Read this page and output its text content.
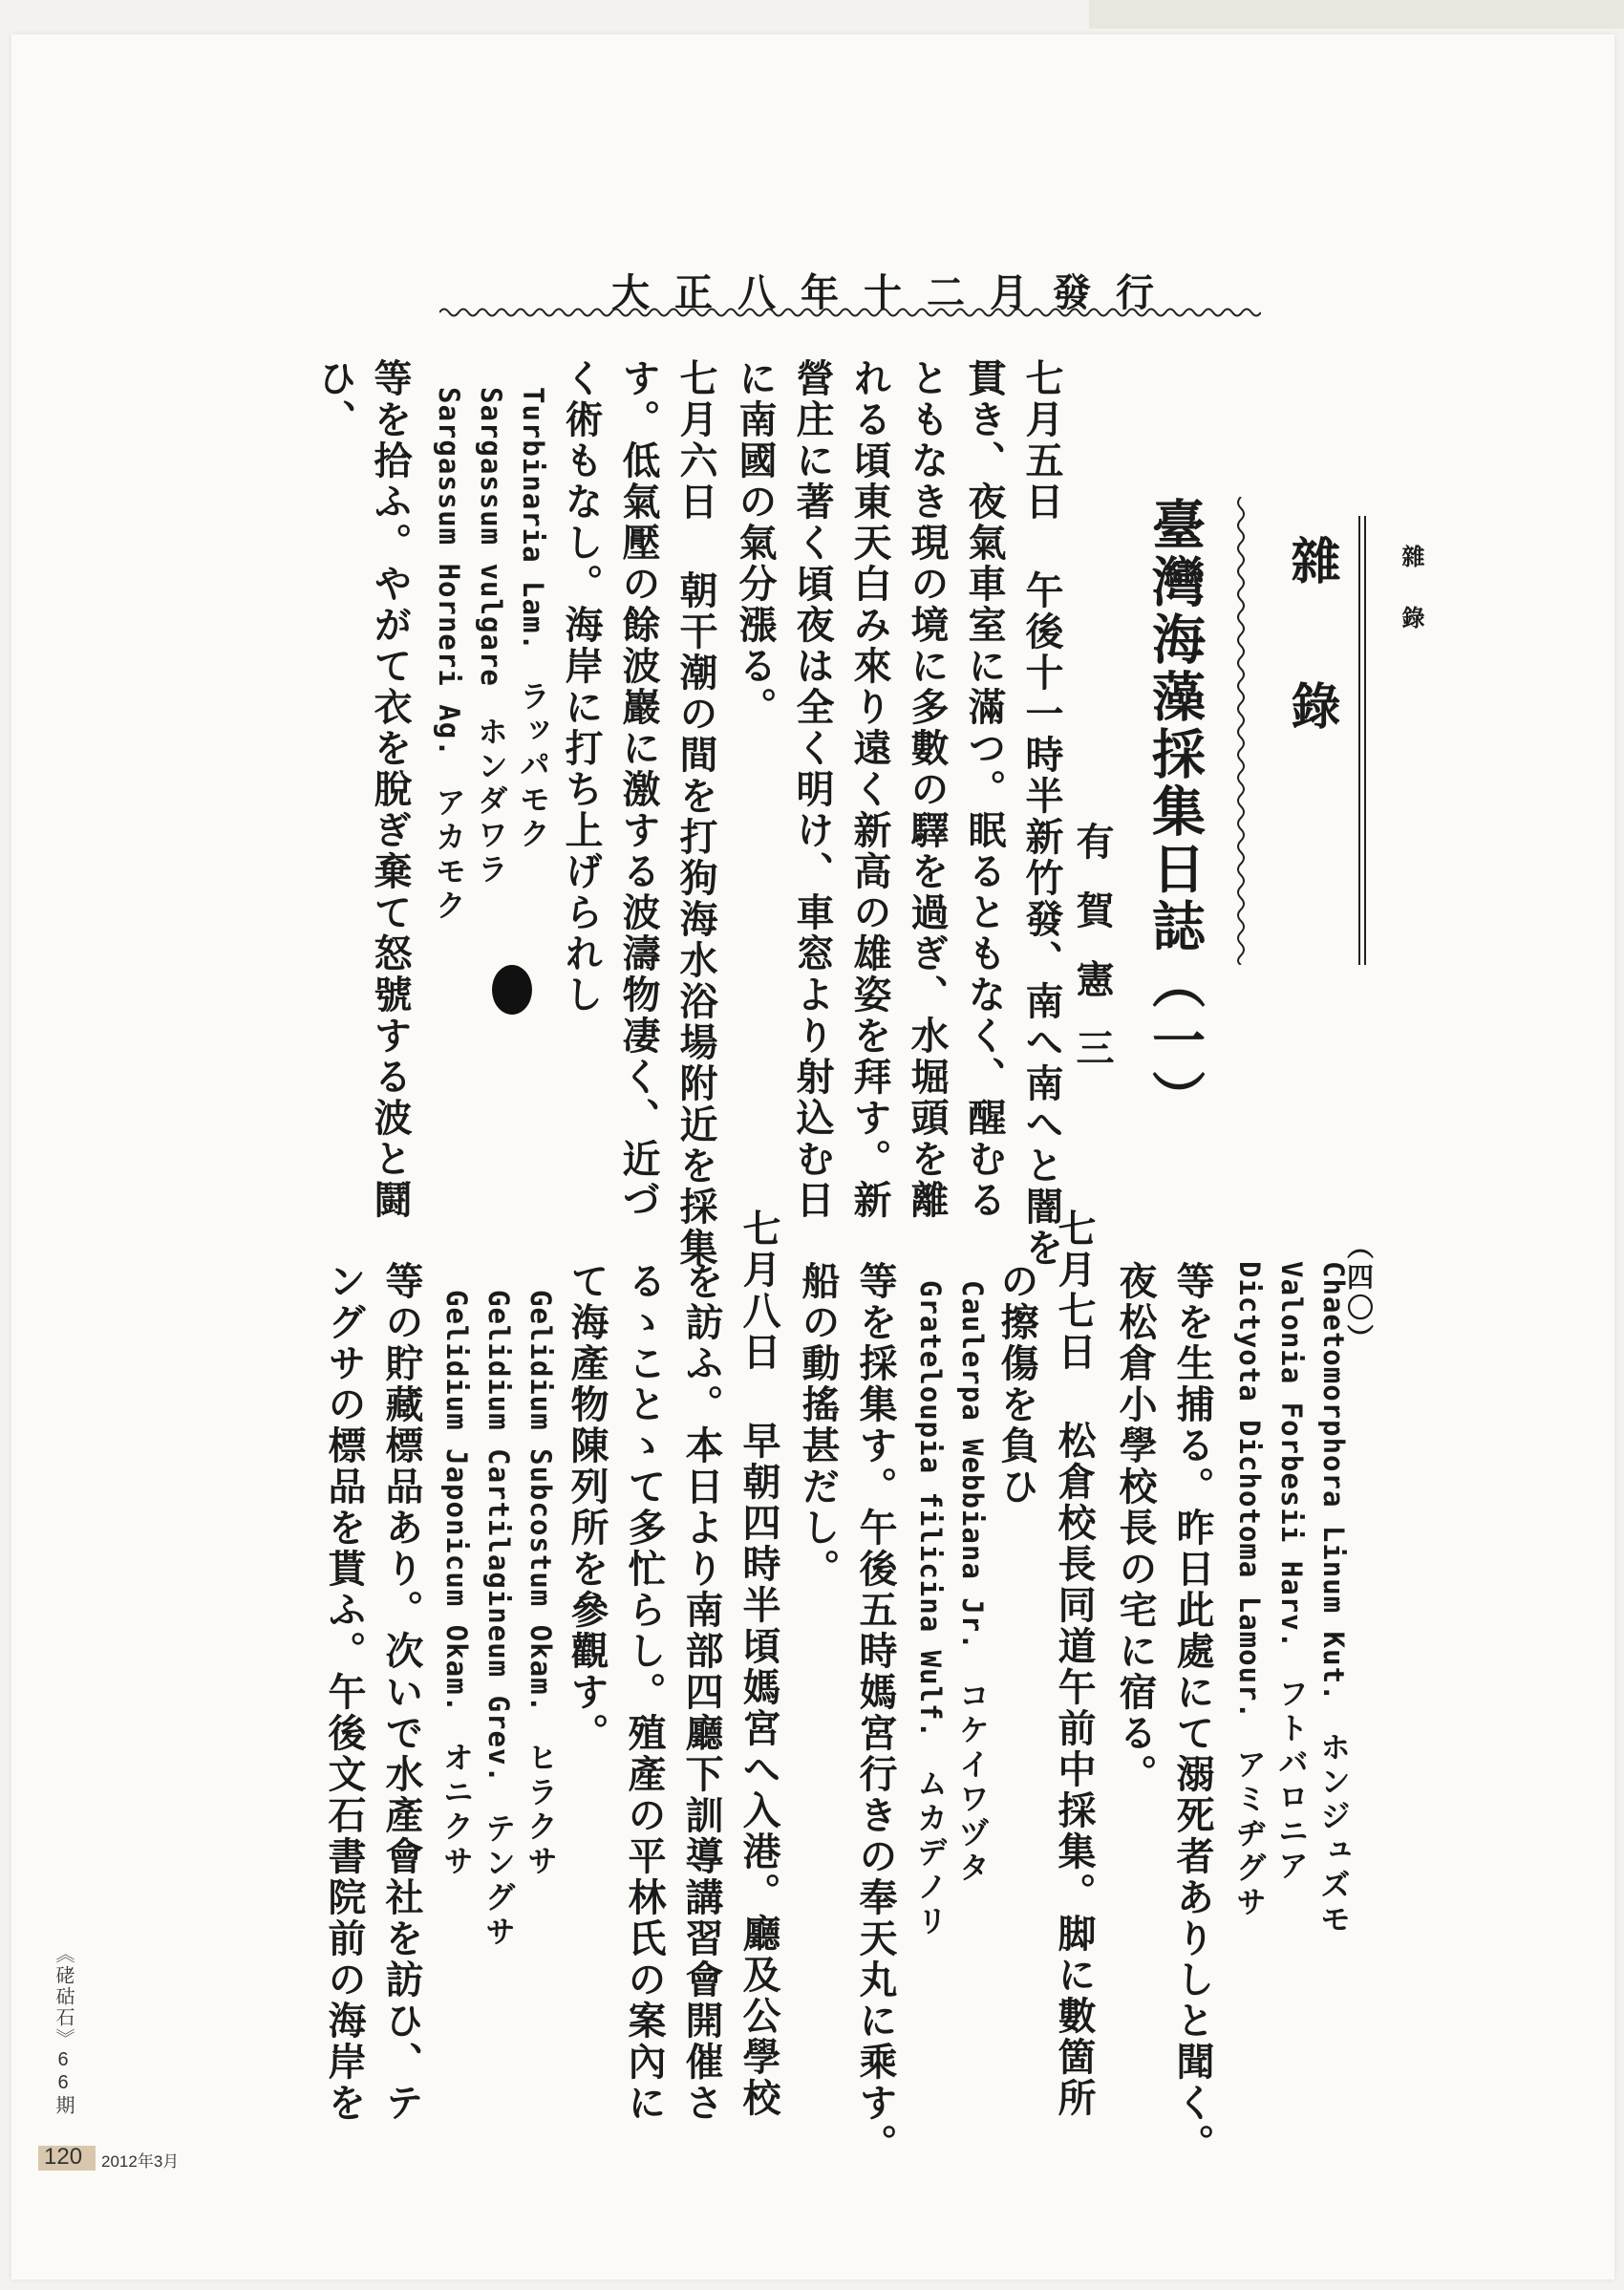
大正八年十二月發行
雜錄
雜錄
臺灣海藻採集日誌（一）
有賀憲三
（四〇）
七月五日 午後十一時半新竹發、南へ南へと闇を
貫き、夜氣車室に滿つ。眠るともなく、醒むる
ともなき現の境に多數の驛を過ぎ、水堀頭を離
れる頃東天白み來り遠く新高の雄姿を拜す。新
營庄に著く頃夜は全く明け、車窓より射込む日
に南國の氣分漲る。
七月六日 朝干潮の間を打狗海水浴場附近を採集
す。低氣壓の餘波巖に激する波濤物凄く、近づ
く術もなし。海岸に打ち上げられし
Turbinaria Lam.ラッパモク
Sargassum vulgareホンダワラ
Sargassum Horneri Ag.アカモク
等を拾ふ。やがて衣を脫ぎ棄て怒號する波と鬪
ひ、
Chaetomorphora Linum Kut.ホンジュズモ
Valonia Forbesii Harv.フトバロニア
Dictyota Dichotoma Lamour.アミヂグサ
等を生捕る。昨日此處にて溺死者ありしと聞く。
夜松倉小學校長の宅に宿る。
七月七日 松倉校長同道午前中採集。脚に數箇所
の擦傷を負ひ
Caulerpa Webbiana Jr.コケイワヅタ
Grateloupia filicina Wulf.ムカデノリ
等を採集す。午後五時媽宮行きの奉天丸に乘す。
船の動搖甚だし。
七月八日 早朝四時半頃媽宮へ入港。廳及公學校
を訪ふ。本日より南部四廳下訓導講習會開催さ
るゝことゝて多忙らし。殖產の平林氏の案內に
て海產物陳列所を參觀す。
Gelidium Subcostum Okam.ヒラクサ
Gelidium Cartilagineum Grev.テングサ
Gelidium Japonicum Okam.オニクサ
等の貯藏標品あり。次いで水產會社を訪ひ、テ
ングサの標品を貰ふ。午後文石書院前の海岸を
《硓𥑮石》66期
120 2012年3月
